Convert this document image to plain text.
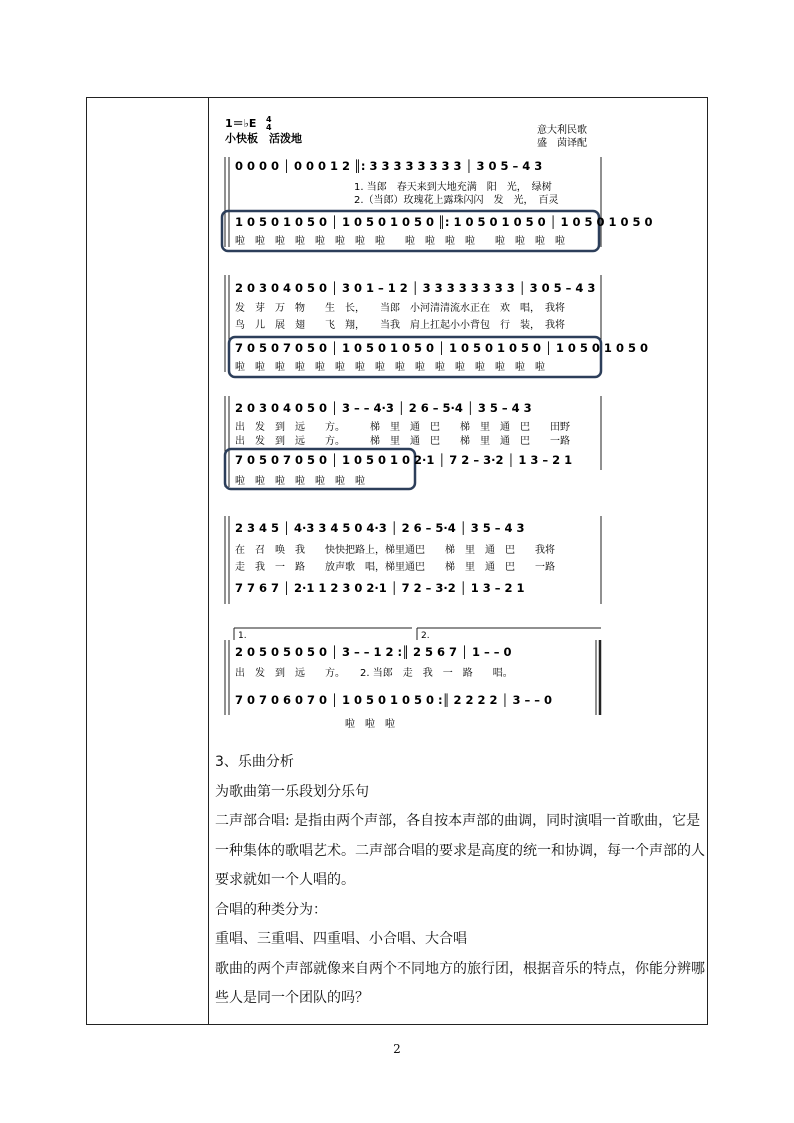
1＝♭E 4
4
小快板　活泼地
意大利民歌
盛　茵译配
0 0 0 0 │ 0 0 0 1 2 ║: 3 3 3 3 3 3 3 3 │ 3 0 5 – 4 3
1. 当郎　春天来到大地充满　阳　光，　绿树
2.（当郎）玫瑰花上露珠闪闪　发　光，　百灵
1 0 5 0 1 0 5 0 │ 1 0 5 0 1 0 5 0 ║: 1 0 5 0 1 0 5 0 │ 1 0 5 0 1 0 5 0
啦　啦　啦　啦　啦　啦　啦　啦　　啦　啦　啦　啦　　啦　啦　啦　啦
2 0 3 0 4 0 5 0 │ 3 0 1 – 1 2 │ 3 3 3 3 3 3 3 3 │ 3 0 5 – 4 3
发　芽　万　物　　生　长，　　当郎　小河清清流水正在　欢　唱，　我将
鸟　儿　展　翅　　飞　翔，　　当我　肩上扛起小小背包　行　装，　我将
7 0 5 0 7 0 5 0 │ 1 0 5 0 1 0 5 0 │ 1 0 5 0 1 0 5 0 │ 1 0 5 0 1 0 5 0
啦　啦　啦　啦　啦　啦　啦　啦　啦　啦　啦　啦　啦　啦　啦　啦
2 0 3 0 4 0 5 0 │ 3 – – 4·3 │ 2 6 – 5·4 │ 3 5 – 4 3
出　发　到　远　　方。　　　梯　里　通　巴　　梯　里　通　巴　　田野
出　发　到　远　　方。　　　梯　里　通　巴　　梯　里　通　巴　　一路
7 0 5 0 7 0 5 0 │ 1 0 5 0 1 0 2·1 │ 7 2 – 3·2 │ 1 3 – 2 1
啦　啦　啦　啦　啦　啦　啦
2 3 4 5 │ 4·3 3 4 5 0 4·3 │ 2 6 – 5·4 │ 3 5 – 4 3
在　召　唤　我　　快快把路上，梯里通巴　　梯　里　通　巴　　我将
走　我　一　路　　放声歌　唱，梯里通巴　　梯　里　通　巴　　一路
7 7 6 7 │ 2·1 1 2 3 0 2·1 │ 7 2 – 3·2 │ 1 3 – 2 1
1.	2.
2 0 5 0 5 0 5 0 │ 3 – – 1 2 :║ 2 5 6 7 │ 1 – – 0
出　发　到　远　　方。　　2. 当郎　走　我　一　路　　唱。
7 0 7 0 6 0 7 0 │ 1 0 5 0 1 0 5 0 :║ 2 2 2 2 │ 3 – – 0
啦　啦　啦

3、乐曲分析

为歌曲第一乐段划分乐句

二声部合唱: 是指由两个声部，各自按本声部的曲调，同时演唱一首歌曲，它是

一种集体的歌唱艺术。二声部合唱的要求是高度的统一和协调，每一个声部的人

要求就如一个人唱的。

合唱的种类分为：

重唱、三重唱、四重唱、小合唱、大合唱

歌曲的两个声部就像来自两个不同地方的旅行团，根据音乐的特点，你能分辨哪

些人是同一个团队的吗？

2
